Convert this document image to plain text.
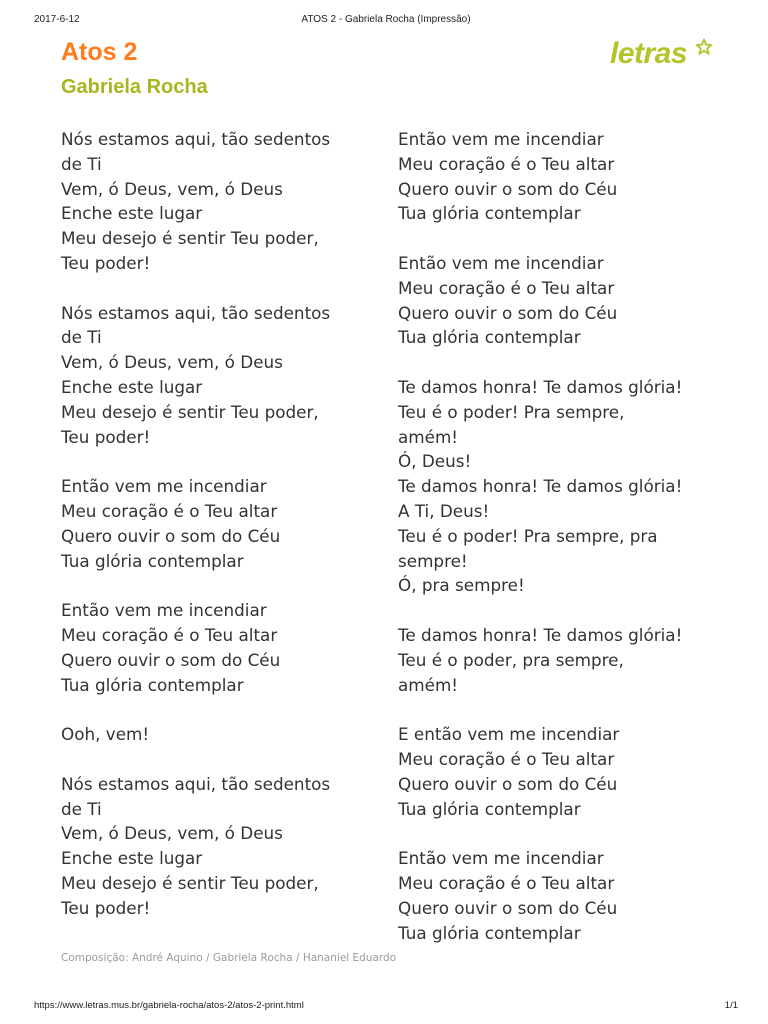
2017-6-12	ATOS 2 - Gabriela Rocha (Impressão)
Atos 2
Gabriela Rocha
letras
Nós estamos aqui, tão sedentos
de Ti
Vem, ó Deus, vem, ó Deus
Enche este lugar
Meu desejo é sentir Teu poder,
Teu poder!
Nós estamos aqui, tão sedentos
de Ti
Vem, ó Deus, vem, ó Deus
Enche este lugar
Meu desejo é sentir Teu poder,
Teu poder!
Então vem me incendiar
Meu coração é o Teu altar
Quero ouvir o som do Céu
Tua glória contemplar
Então vem me incendiar
Meu coração é o Teu altar
Quero ouvir o som do Céu
Tua glória contemplar
Ooh, vem!
Nós estamos aqui, tão sedentos
de Ti
Vem, ó Deus, vem, ó Deus
Enche este lugar
Meu desejo é sentir Teu poder,
Teu poder!
Então vem me incendiar
Meu coração é o Teu altar
Quero ouvir o som do Céu
Tua glória contemplar
Então vem me incendiar
Meu coração é o Teu altar
Quero ouvir o som do Céu
Tua glória contemplar
Te damos honra! Te damos glória!
Teu é o poder! Pra sempre,
amém!
Ó, Deus!
Te damos honra! Te damos glória!
A Ti, Deus!
Teu é o poder! Pra sempre, pra
sempre!
Ó, pra sempre!
Te damos honra! Te damos glória!
Teu é o poder, pra sempre,
amém!
E então vem me incendiar
Meu coração é o Teu altar
Quero ouvir o som do Céu
Tua glória contemplar
Então vem me incendiar
Meu coração é o Teu altar
Quero ouvir o som do Céu
Tua glória contemplar
Composição: André Aquino / Gabriela Rocha / Hananiel Eduardo
https://www.letras.mus.br/gabriela-rocha/atos-2/atos-2-print.html	1/1
